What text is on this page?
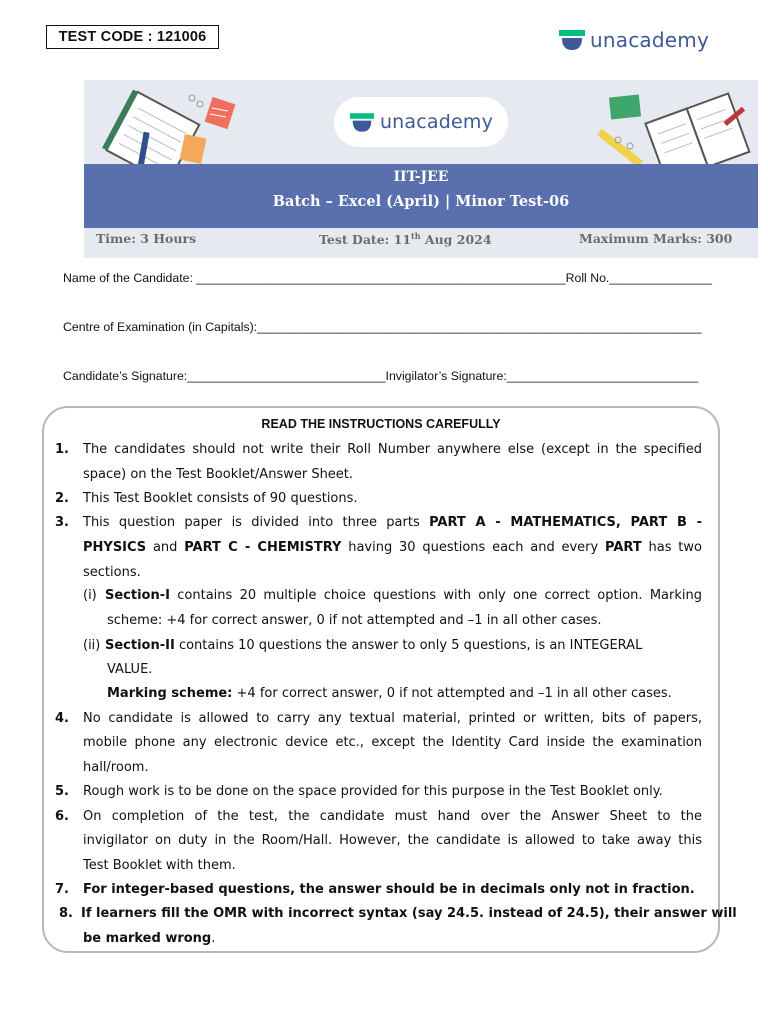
TEST CODE : 121006	unacademy
unacademy
IIT-JEE
Batch – Excel (April) | Minor Test-06
Time: 3 Hours	Test Date: 11th Aug 2024	Maximum Marks: 300
Name of the Candidate: ______________________________________________________Roll No._______________
Centre of Examination (in Capitals):_________________________________________________________________
Candidate’s Signature:_____________________________Invigilator’s Signature:____________________________
READ THE INSTRUCTIONS CAREFULLY
1. The candidates should not write their Roll Number anywhere else (except in the specified
space) on the Test Booklet/Answer Sheet.
2. This Test Booklet consists of 90 questions.
3. This question paper is divided into three parts PART A - MATHEMATICS, PART B -
PHYSICS and PART C - CHEMISTRY having 30 questions each and every PART has two
sections.
(i) Section-I contains 20 multiple choice questions with only one correct option. Marking
scheme: +4 for correct answer, 0 if not attempted and –1 in all other cases.
(ii) Section-II contains 10 questions the answer to only 5 questions, is an INTEGERAL
VALUE.
Marking scheme: +4 for correct answer, 0 if not attempted and –1 in all other cases.
4. No candidate is allowed to carry any textual material, printed or written, bits of papers,
mobile phone any electronic device etc., except the Identity Card inside the examination
hall/room.
5. Rough work is to be done on the space provided for this purpose in the Test Booklet only.
6. On completion of the test, the candidate must hand over the Answer Sheet to the
invigilator on duty in the Room/Hall. However, the candidate is allowed to take away this
Test Booklet with them.
7. For integer-based questions, the answer should be in decimals only not in fraction.
8. If learners fill the OMR with incorrect syntax (say 24.5. instead of 24.5), their answer will
be marked wrong.
